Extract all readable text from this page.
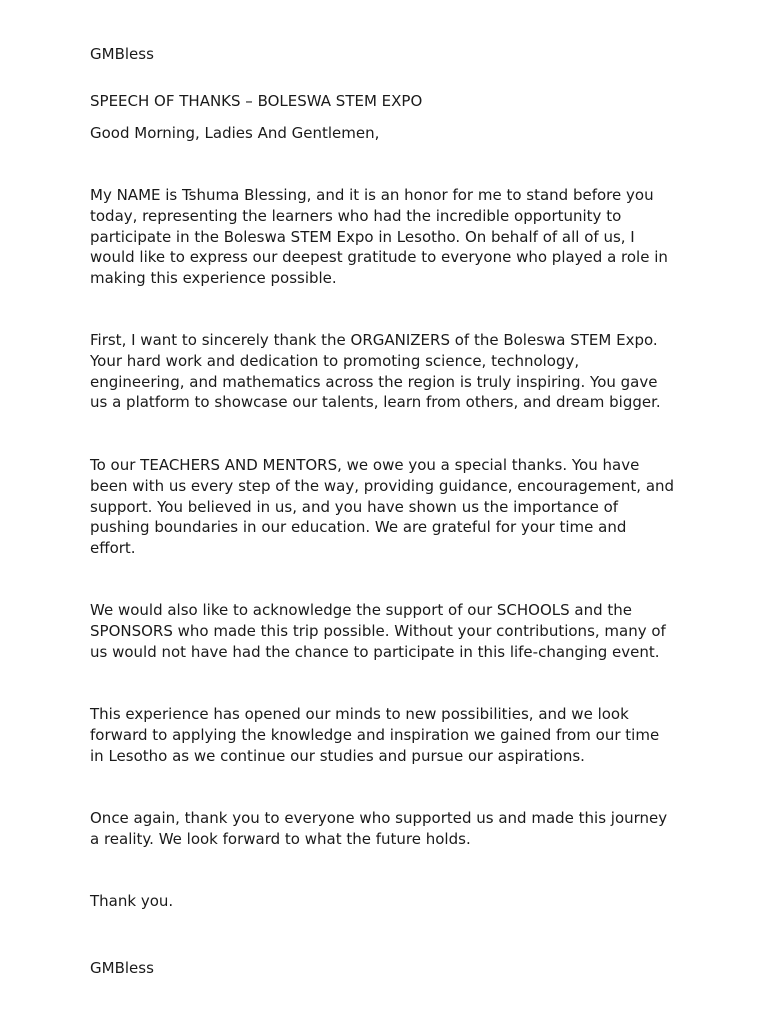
GMBless

SPEECH OF THANKS – BOLESWA STEM EXPO

Good Morning, Ladies And Gentlemen,

My NAME is Tshuma Blessing, and it is an honor for me to stand before you
today, representing the learners who had the incredible opportunity to
participate in the Boleswa STEM Expo in Lesotho. On behalf of all of us, I
would like to express our deepest gratitude to everyone who played a role in
making this experience possible.
First, I want to sincerely thank the ORGANIZERS of the Boleswa STEM Expo.
Your hard work and dedication to promoting science, technology,
engineering, and mathematics across the region is truly inspiring. You gave
us a platform to showcase our talents, learn from others, and dream bigger.
To our TEACHERS AND MENTORS, we owe you a special thanks. You have
been with us every step of the way, providing guidance, encouragement, and
support. You believed in us, and you have shown us the importance of
pushing boundaries in our education. We are grateful for your time and
effort.
We would also like to acknowledge the support of our SCHOOLS and the
SPONSORS who made this trip possible. Without your contributions, many of
us would not have had the chance to participate in this life-changing event.
This experience has opened our minds to new possibilities, and we look
forward to applying the knowledge and inspiration we gained from our time
in Lesotho as we continue our studies and pursue our aspirations.
Once again, thank you to everyone who supported us and made this journey
a reality. We look forward to what the future holds.

Thank you.

GMBless
